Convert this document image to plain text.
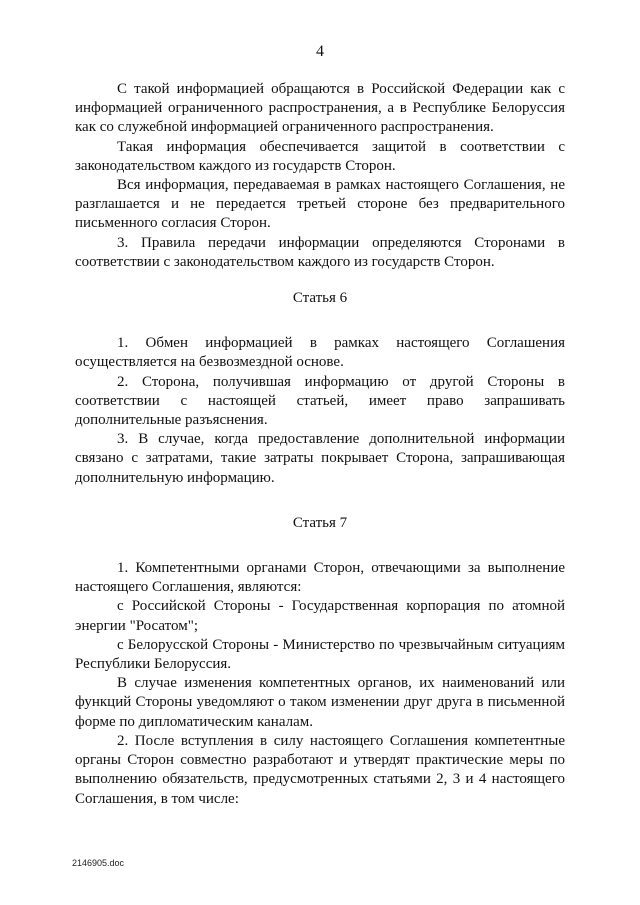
4

С такой информацией обращаются в Российской Федерации как с информацией ограниченного распространения, а в Республике Белоруссия как со служебной информацией ограниченного распространения.

Такая информация обеспечивается защитой в соответствии с законодательством каждого из государств Сторон.

Вся информация, передаваемая в рамках настоящего Соглашения, не разглашается и не передается третьей стороне без предварительного письменного согласия Сторон.

3. Правила передачи информации определяются Сторонами в соответствии с законодательством каждого из государств Сторон.

Статья 6

1. Обмен информацией в рамках настоящего Соглашения осуществляется на безвозмездной основе.

2. Сторона, получившая информацию от другой Стороны в соответствии с настоящей статьей, имеет право запрашивать дополнительные разъяснения.

3. В случае, когда предоставление дополнительной информации связано с затратами, такие затраты покрывает Сторона, запрашивающая дополнительную информацию.

Статья 7

1. Компетентными органами Сторон, отвечающими за выполнение настоящего Соглашения, являются:

с Российской Стороны - Государственная корпорация по атомной энергии "Росатом";

с Белорусской Стороны - Министерство по чрезвычайным ситуациям Республики Белоруссия.

В случае изменения компетентных органов, их наименований или функций Стороны уведомляют о таком изменении друг друга в письменной форме по дипломатическим каналам.

2. После вступления в силу настоящего Соглашения компетентные органы Сторон совместно разработают и утвердят практические меры по выполнению обязательств, предусмотренных статьями 2, 3 и 4 настоящего Соглашения, в том числе:

2146905.doc
